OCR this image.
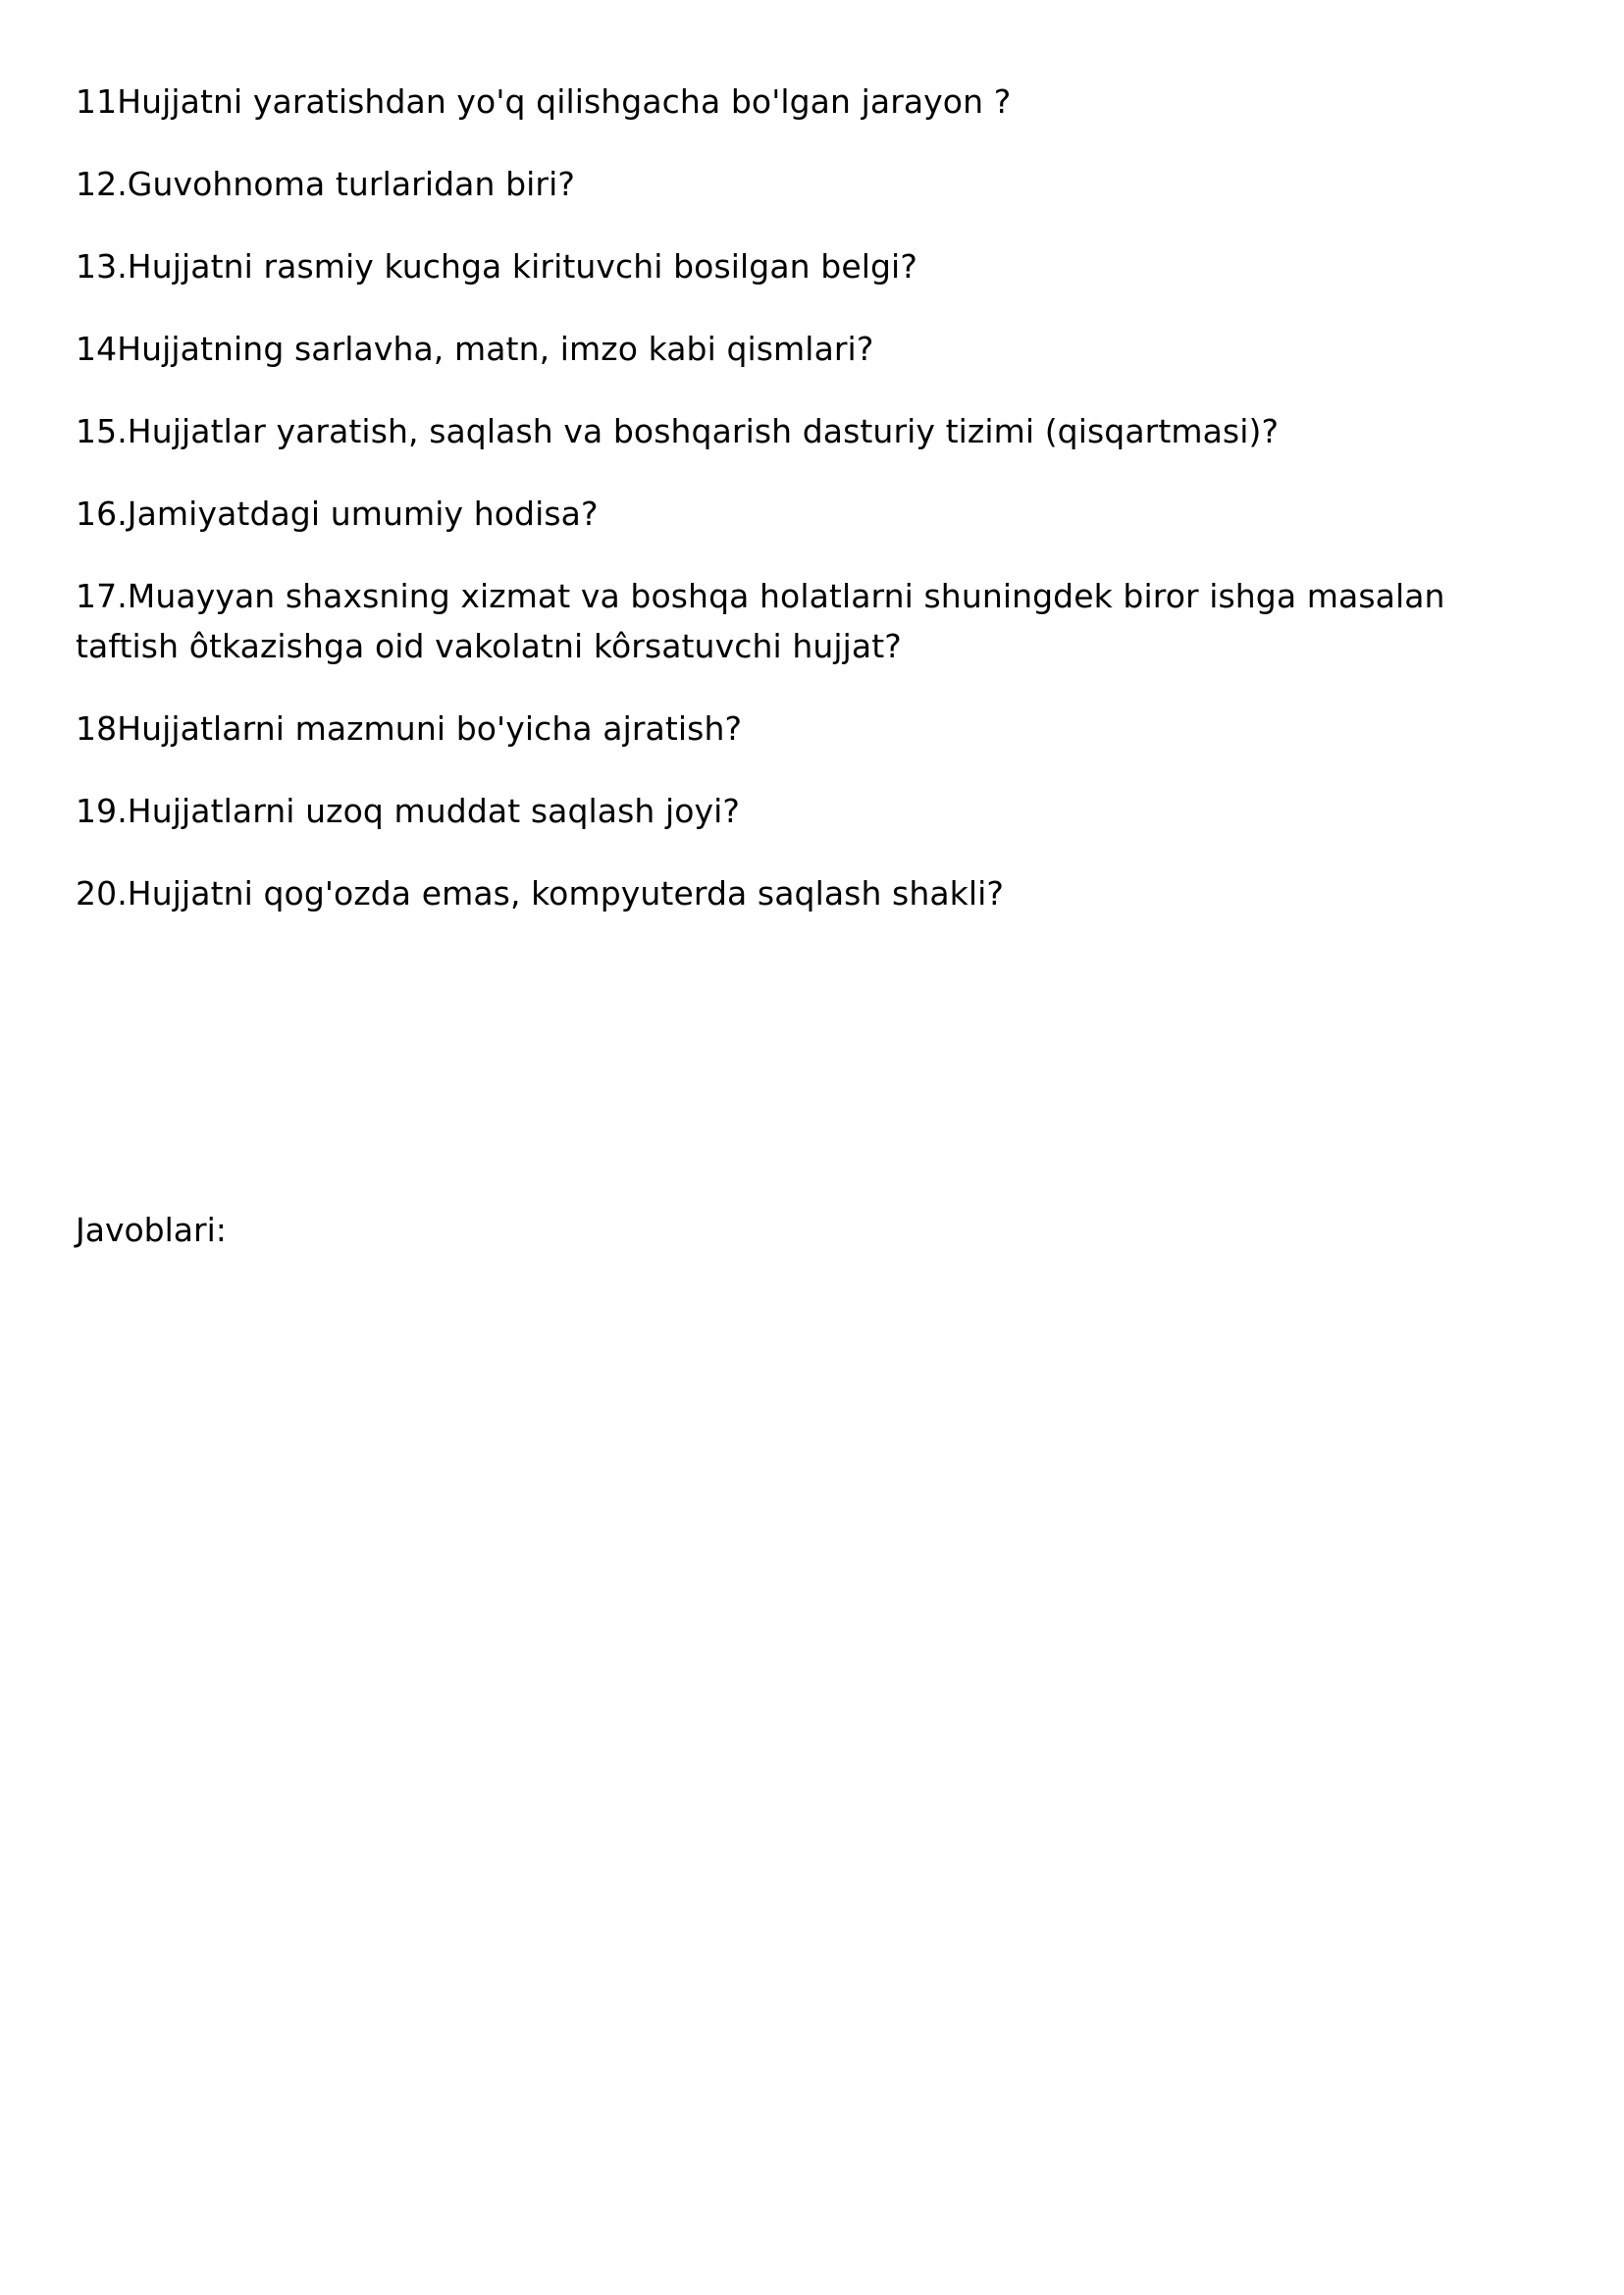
11Hujjatni yaratishdan yo'q qilishgacha bo'lgan jarayon ?
12.Guvohnoma turlaridan biri?
13.Hujjatni rasmiy kuchga kirituvchi bosilgan belgi?
14Hujjatning sarlavha, matn, imzo kabi qismlari?
15.Hujjatlar yaratish, saqlash va boshqarish dasturiy tizimi (qisqartmasi)?
16.Jamiyatdagi umumiy hodisa?
17.Muayyan shaxsning xizmat va boshqa holatlarni shuningdek biror ishga masalan taftish ôtkazishga oid vakolatni kôrsatuvchi hujjat?
18Hujjatlarni mazmuni bo'yicha ajratish?
19.Hujjatlarni uzoq muddat saqlash joyi?
20.Hujjatni qog'ozda emas, kompyuterda saqlash shakli?

Javoblari:
